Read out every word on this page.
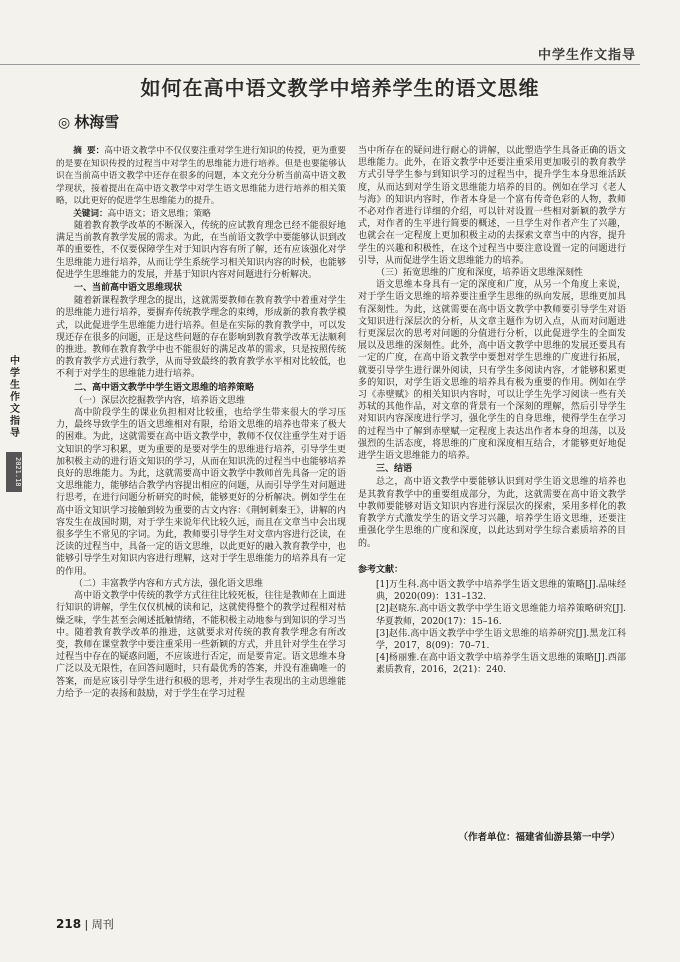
中学生作文指导
如何在高中语文教学中培养学生的语文思维
◎ 林海雪
中学生作文指导
2021.18

摘 要：高中语文教学中不仅仅要注重对学生进行知识的传授，更为重要的是要在知识传授的过程当中对学生的思维能力进行培养。但是也要能够认识在当前高中语文教学中还存在很多的问题，本文充分分析当前高中语文教学现状，接着提出在高中语文教学中对学生语文思维能力进行培养的相关策略，以此更好的促进学生思维能力的提升。

关键词：高中语文；语文思维；策略

随着教育教学改革的不断深入，传统的应试教育理念已经不能很好地满足当前教育教学发展的需求。为此，在当前语文教学中要能够认识到改革的重要性，不仅要保障学生对于知识内容有所了解，还有应该强化对学生思维能力进行培养，从而让学生系统学习相关知识内容的时候，也能够促进学生思维能力的发展，并基于知识内容对问题进行分析解决。

一、当前高中语文思维现状

随着新课程教学理念的提出，这就需要教师在教育教学中着重对学生的思维能力进行培养，要摒弃传统教学理念的束缚，形成新的教育教学模式，以此促进学生思维能力进行培养。但是在实际的教育教学中，可以发现还存在很多的问题，正是这些问题的存在影响到教育教学改革无法顺利的推进。教师在教育教学中也不能很好的满足改革的需求，只是按照传统的教育教学方式进行教学，从而导致最终的教育教学水平相对比较低，也不利于对学生的思维能力进行培养。

二、高中语文教学中学生语文思维的培养策略
（一）深层次挖掘教学内容，培养语文思维

高中阶段学生的课业负担相对比较重，也给学生带来很大的学习压力，最终导致学生的语文思维相对有限，给语文思维的培养也带来了极大的困难。为此，这就需要在高中语文教学中，教师不仅仅注重学生对于语文知识的学习积累，更为重要的是要对学生的思维进行培养，引导学生更加积极主动的进行语文知识的学习，从而在知识洗的过程当中也能够培养良好的思维能力。为此，这就需要高中语文教学中教师首先具备一定的语文思维能力，能够结合教学内容提出相应的问题，从而引导学生对问题进行思考，在进行问题分析研究的时候，能够更好的分析解决。例如学生在高中语文知识学习接触到较为重要的古文内容：《荆轲刺秦王》，讲解的内容发生在战国时期，对于学生来说年代比较久远，而且在文章当中会出现很多学生不常见的字词。为此，教师要引导学生对文章内容进行泛读，在泛读的过程当中，具备一定的语文思维，以此更好的融入教育教学中，也能够引导学生对知识内容进行理解，这对于学生思维能力的培养具有一定的作用。

（二）丰富教学内容和方式方法，强化语文思维

高中语文教学中传统的教学方式往往比较死板，往往是教师在上面进行知识的讲解，学生仅仅机械的读和记，这就使得整个的教学过程相对枯燥乏味，学生甚至会阐述抵触情绪，不能积极主动地参与到知识的学习当中。随着教育教学改革的推进，这就要求对传统的教育教学理念有所改变，教师在课堂教学中要注重采用一些新颖的方式，并且针对学生在学习过程当中存在的疑惑问题，不应该进行否定，而是要肯定。语文思维本身广泛以及无限性，在回答问题时，只有最优秀的答案，并没有准确唯一的答案，而是应该引导学生进行积极的思考，并对学生表现出的主动思维能力给予一定的表扬和鼓励，对于学生在学习过程

当中所存在的疑问进行耐心的讲解，以此塑造学生具备正确的语文思维能力。此外，在语文教学中还要注重采用更加吸引的教育教学方式引导学生参与到知识学习的过程当中，提升学生本身思维活跃度，从而达到对学生语文思维能力培养的目的。例如在学习《老人与海》的知识内容时，作者本身是一个富有传奇色彩的人物，教师不必对作者进行详细的介绍，可以针对设置一些相对新颖的教学方式，对作者的生平进行简要的概述，一旦学生对作者产生了兴趣，也就会在一定程度上更加积极主动的去探索文章当中的内容，提升学生的兴趣和积极性，在这个过程当中要注意设置一定的问题进行引导，从而促进学生语文思维能力的培养。

（三）拓宽思维的广度和深度，培养语文思维深刻性

语文思维本身具有一定的深度和广度，从另一个角度上来说，对于学生语文思维的培养要注重学生思维的纵向发展，思维更加具有深刻性。为此，这就需要在高中语文教学中教师要引导学生对语文知识进行深层次的分析，从文章主题作为切入点，从而对问题进行更深层次的思考对问题的分值进行分析，以此促进学生的全面发展以及思维的深刻性。此外，高中语文教学中思维的发展还要具有一定的广度，在高中语文教学中要想对学生思维的广度进行拓展，就要引导学生进行课外阅读，只有学生多阅读内容，才能够积累更多的知识，对学生语文思维的培养具有极为重要的作用。例如在学习《赤壁赋》的相关知识内容时，可以让学生先学习阅读一些有关苏轼的其他作品，对文章的背景有一个深刻的理解，然后引导学生对知识内容深度进行学习，强化学生的自身思维，使得学生在学习的过程当中了解到赤壁赋一定程度上表达出作者本身的坦荡，以及强烈的生活态度，将思维的广度和深度相互结合，才能够更好地促进学生语文思维能力的培养。

三、结语

总之，高中语文教学中要能够认识到对学生语文思维的培养也是其教育教学中的重要组成部分，为此，这就需要在高中语文教学中教师要能够对语文知识内容进行深层次的探索，采用多样化的教育教学方式激发学生的语文学习兴趣，培养学生语文思维，还要注重强化学生思维的广度和深度，以此达到对学生综合素质培养的目的。

参考文献：
[1]万生科.高中语文教学中培养学生语文思维的策略[J].品味经典，2020(09)：131–132.
[2]赵晓东.高中语文教学中学生语文思维能力培养策略研究[J].华夏教师，2020(17)：15–16.
[3]赵伟.高中语文教学中学生语文思维的培养研究[J].黑龙江科学，2017，8(09)：70–71.
[4]杨丽雅.在高中语文教学中培养学生语文思维的策略[J].西部素质教育，2016，2(21)：240.
（作者单位：福建省仙游县第一中学）
218 | 周刊
